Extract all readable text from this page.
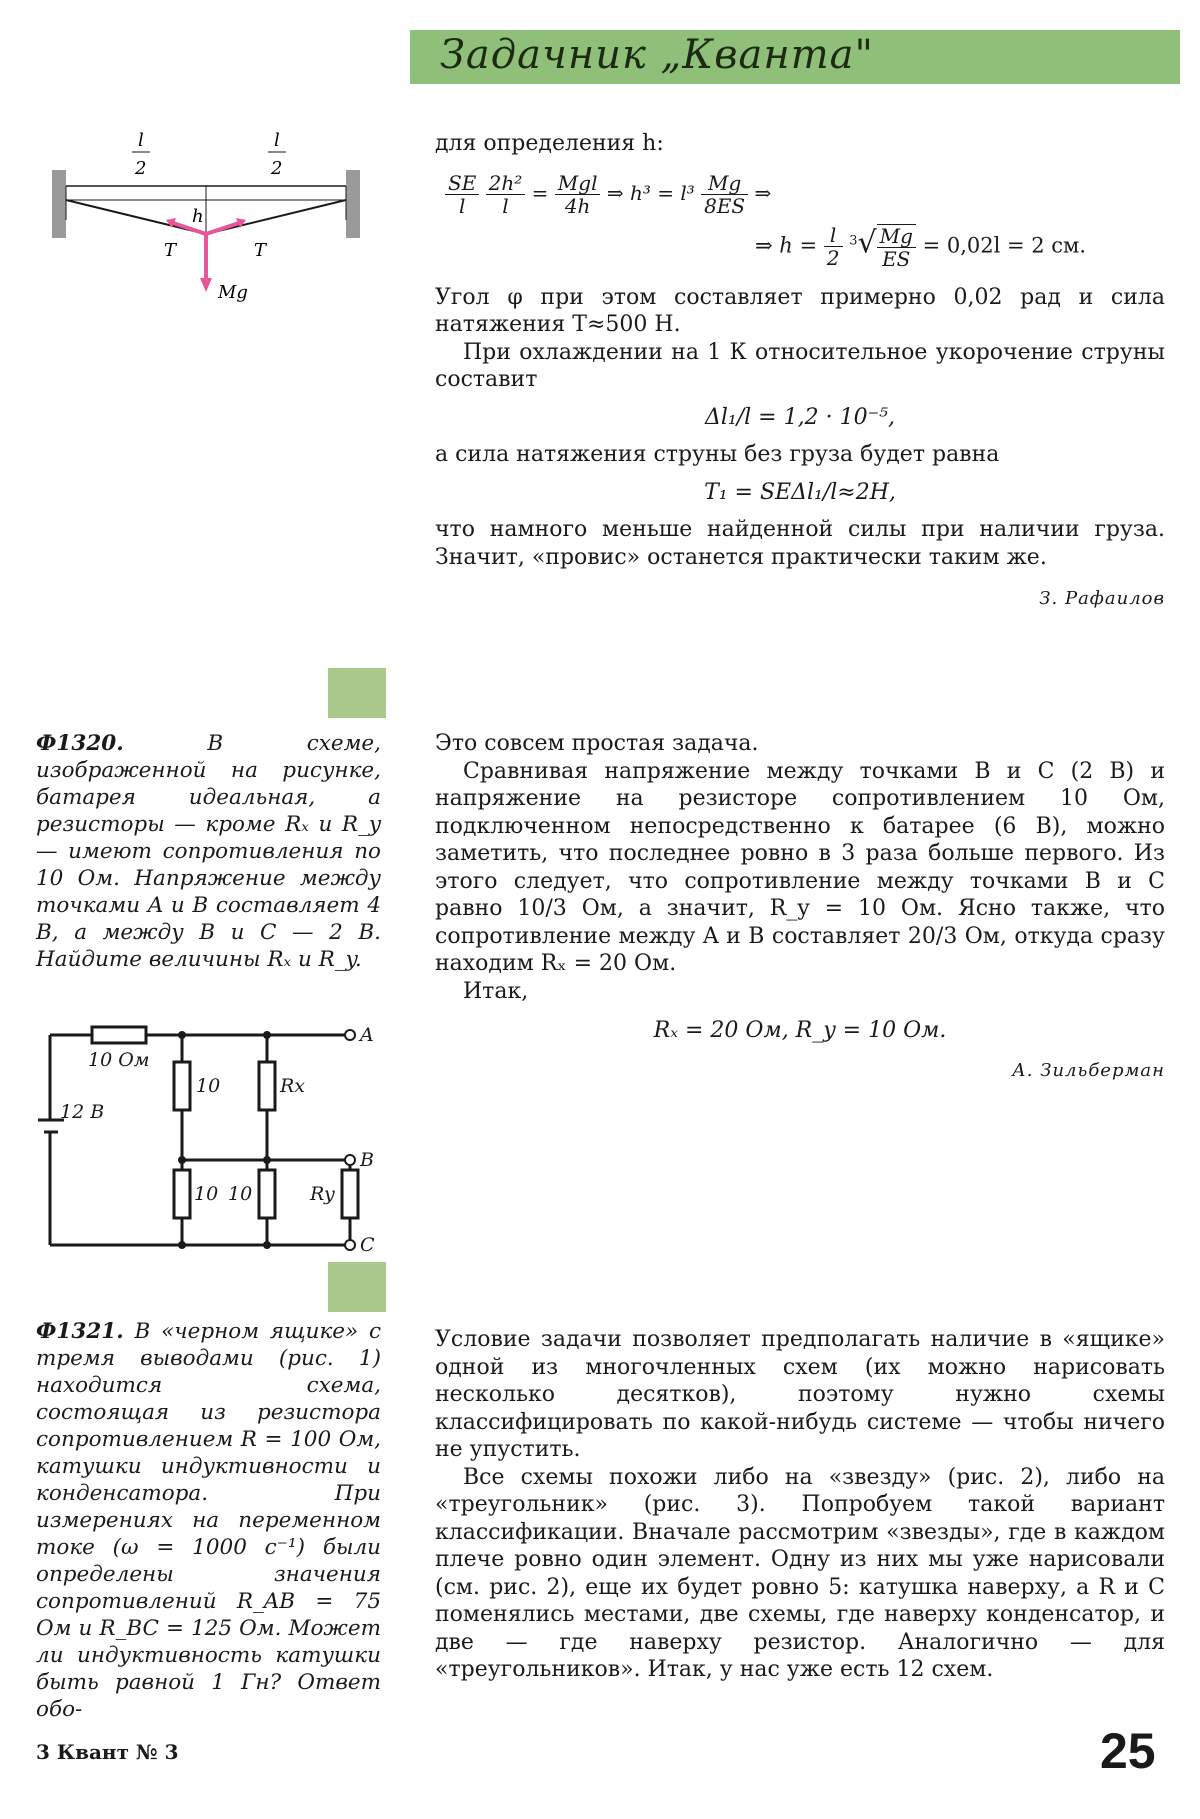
Задачник „Кванта"
l
2
l
2
h
T	T
Mg

для определения h:

$\frac{SE}{l}$
$\frac{\text{2h²}}{l} = \frac{\text{Mgl}}{4h}$ ⇒ $h^3 = l^3 \frac{Mg}{8ES}$ ⇒
⇒ $h = \frac{l}{2} ^3√ \frac{Mg}{ES} = 0,02l = 2$ см.

Угол φ при этом составляет примерно 0,02 рад и сила натяжения T≈500 Н.

При охлаждении на 1 К относительное укорочение струны составит

Δl₁/l = 1,2 · 10⁻⁵,

а сила натяжения струны без груза будет равна

T₁ = SEΔl₁/l≈2H,

что намного меньше найденной силы при наличии груза. Значит, «провис» останется практически таким же.

З. Рафаилов

Ф1320. В схеме, изображенной на рисунке, батарея идеальная, а резисторы — кроме Rₓ и R_y — имеют сопротивления по 10 Ом. Напряжение между точками A и B составляет 4 В, а между B и C — 2 В. Найдите величины Rₓ и R_y.
10 Ом
12 В
10	Rx
10 10	Ry
A
B
C

Это совсем простая задача.

Сравнивая напряжение между точками B и C (2 В) и напряжение на резисторе сопротивлением 10 Ом, подключенном непосредственно к батарее (6 В), можно заметить, что последнее ровно в 3 раза больше первого. Из этого следует, что сопротивление между точками B и C равно 10/3 Ом, а значит, R_y = 10 Ом. Ясно также, что сопротивление между A и B составляет 20/3 Ом, откуда сразу находим Rₓ = 20 Ом.

Итак,

Rₓ = 20 Ом, R_y = 10 Ом.

А. Зильберман

Ф1321. В «черном ящике» с тремя выводами (рис. 1) находится схема, состоящая из резистора сопротивлением R = 100 Ом, катушки индуктивности и конденсатора. При измерениях на переменном токе (ω = 1000 с⁻¹) были определены значения сопротивлений R_AB = 75 Ом и R_BC = 125 Ом. Может ли индуктивность катушки быть равной 1 Гн? Ответ обо-

Условие задачи позволяет предполагать наличие в «ящике» одной из многочленных схем (их можно нарисовать несколько десятков), поэтому нужно схемы классифицировать по какой-нибудь системе — чтобы ничего не упустить.

Все схемы похожи либо на «звезду» (рис. 2), либо на «треугольник» (рис. 3). Попробуем такой вариант классификации. Вначале рассмотрим «звезды», где в каждом плече ровно один элемент. Одну из них мы уже нарисовали (см. рис. 2), еще их будет ровно 5: катушка наверху, а R и C поменялись местами, две схемы, где наверху конденсатор, и две — где наверху резистор. Аналогично — для «треугольников». Итак, у нас уже есть 12 схем.

3 Квант № 3	25
